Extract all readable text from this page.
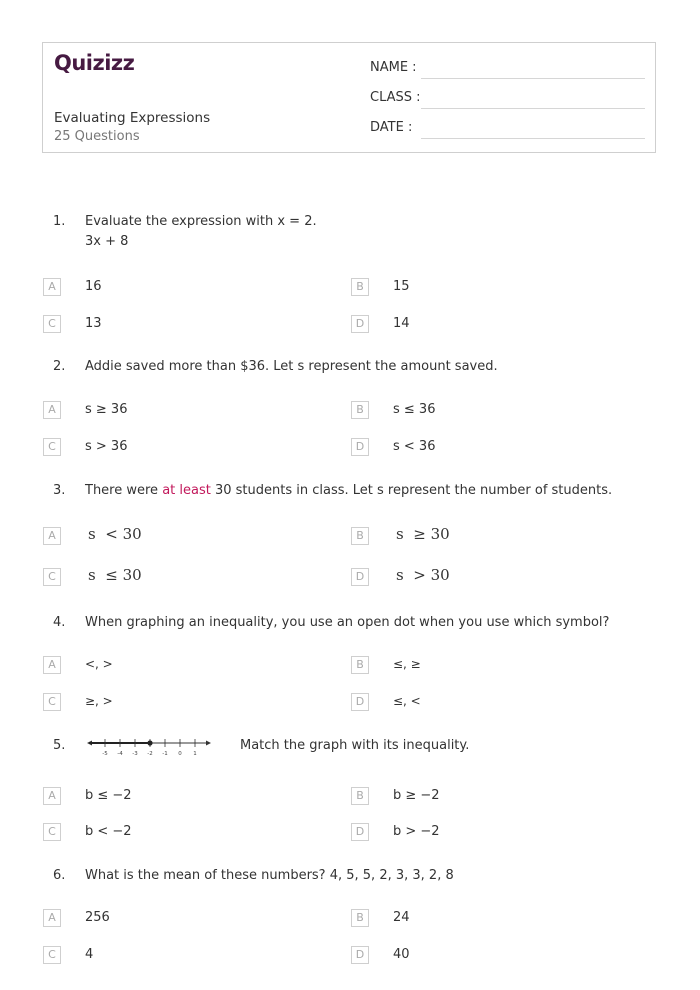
Quizizz
Evaluating Expressions
25 Questions
NAME :
CLASS :
DATE :
1. Evaluate the expression with x = 2.
3x + 8
A	16	B	15
C	13	D	14
2. Addie saved more than $36. Let s represent the amount saved.
A	s ≥ 36	B	s ≤ 36
C	s > 36	D	s < 36
3. There were at least 30 students in class. Let s represent the number of students.
A	s  < 30	B	s  ≥ 30
C	s  ≤ 30	D	s  > 30
4. When graphing an inequality, you use an open dot when you use which symbol?
A	<, >	B	≤, ≥
C	≥, >	D	≤, <
5.
-5 -4 -3 -2 -1 0 1
Match the graph with its inequality.
A	b ≤ −2	B	b ≥ −2
C	b < −2	D	b > −2
6. What is the mean of these numbers? 4, 5, 5, 2, 3, 3, 2, 8
A	256	B	24
C	4	D	40
